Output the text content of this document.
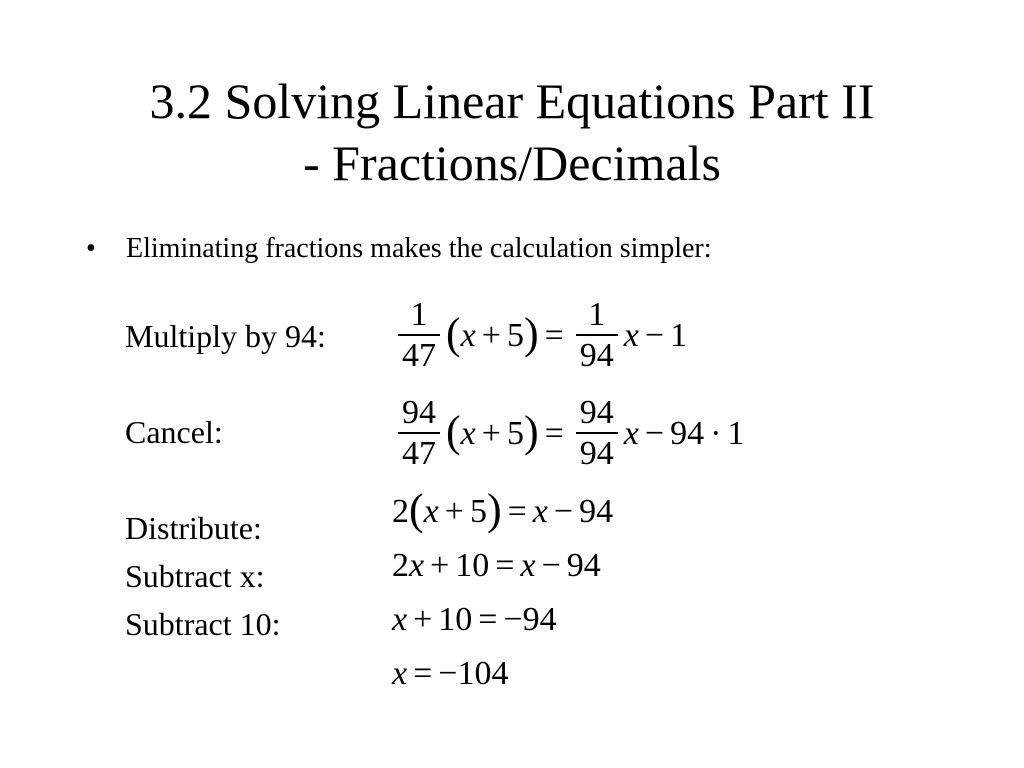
3.2 Solving Linear Equations Part II
- Fractions/Decimals
• Eliminating fractions makes the calculation simpler:
Multiply by 94:
Cancel:
Distribute:
Subtract x:
Subtract 10:
$\frac{1}{47}$ ( x + 5 ) = $\frac{1}{94}$ x − 1
$\frac{94}{47}$ ( x + 5 ) = $\frac{94}{94}$ x − 94 · 1
2 ( x + 5 ) = x − 94
2 x + 10 = x − 94
x + 10 = −94
x = −104
